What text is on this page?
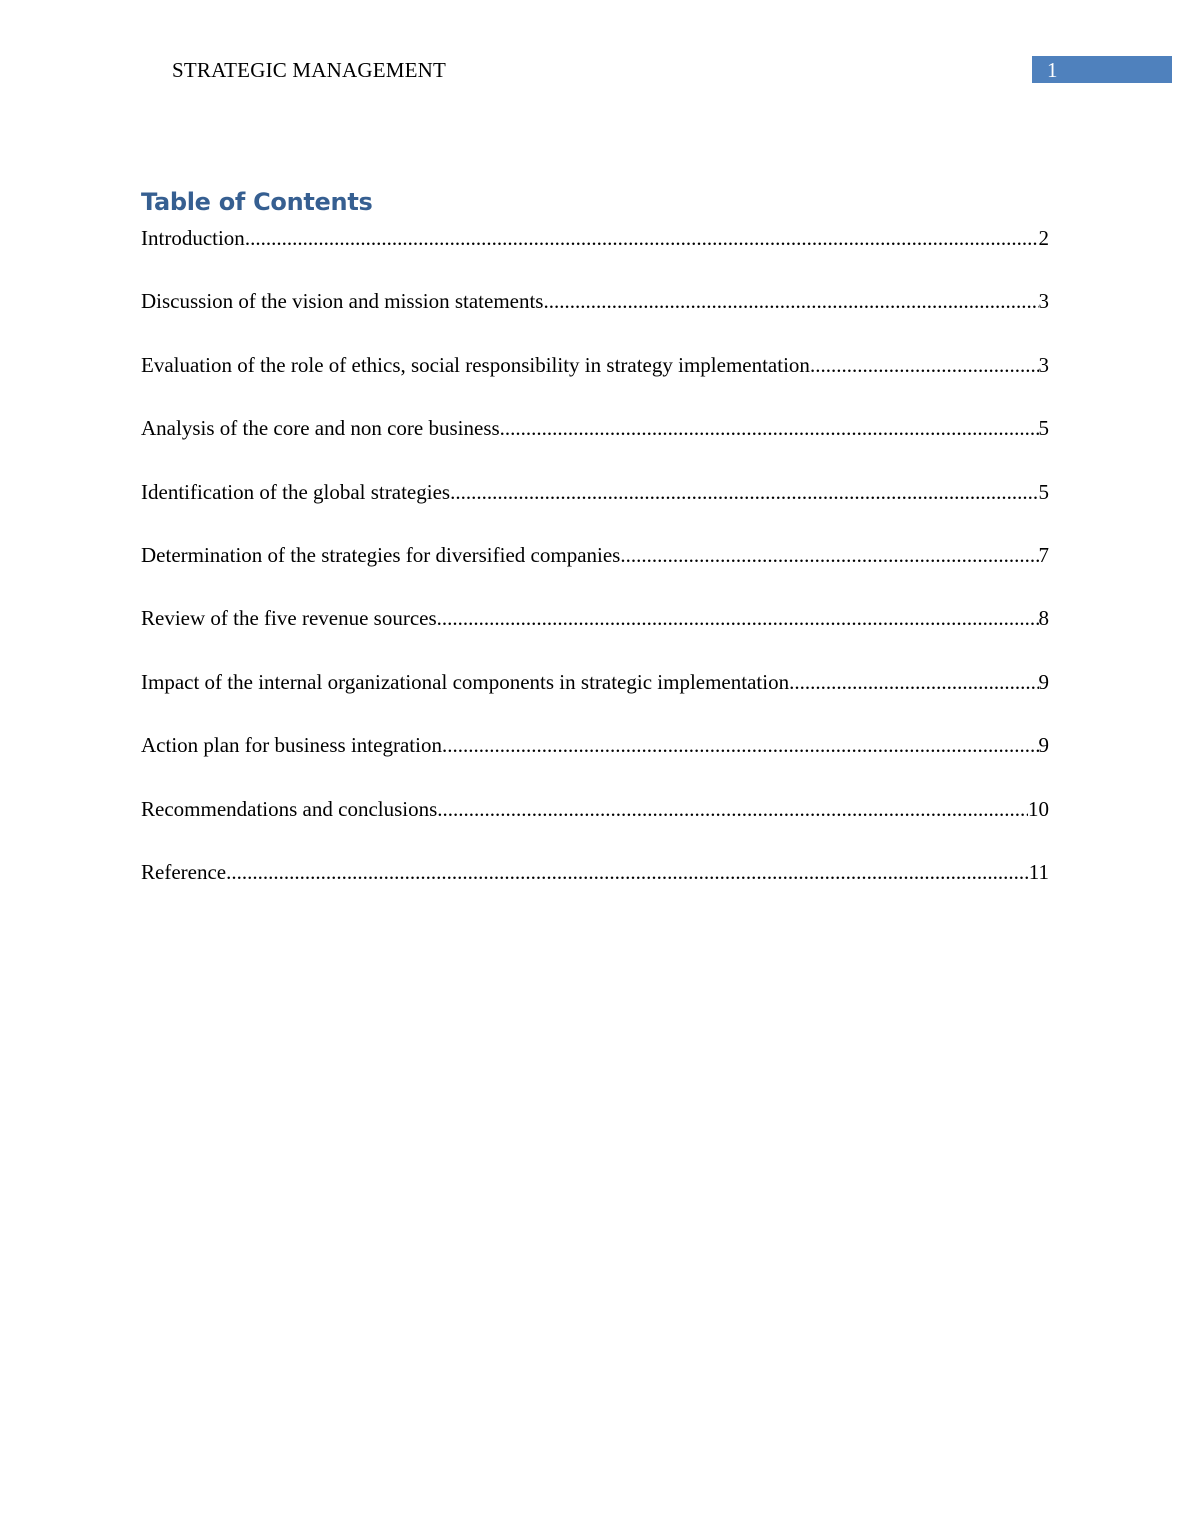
STRATEGIC MANAGEMENT	1
Table of Contents
Introduction .....	2
Discussion of the vision and mission statements .....	3
Evaluation of the role of ethics, social responsibility in strategy implementation .....	3
Analysis of the core and non core business .....	5
Identification of the global strategies .....	5
Determination of the strategies for diversified companies .....	7
Review of the five revenue sources .....	8
Impact of the internal organizational components in strategic implementation .....	9
Action plan for business integration .....	9
Recommendations and conclusions .....	10
Reference .....	11
